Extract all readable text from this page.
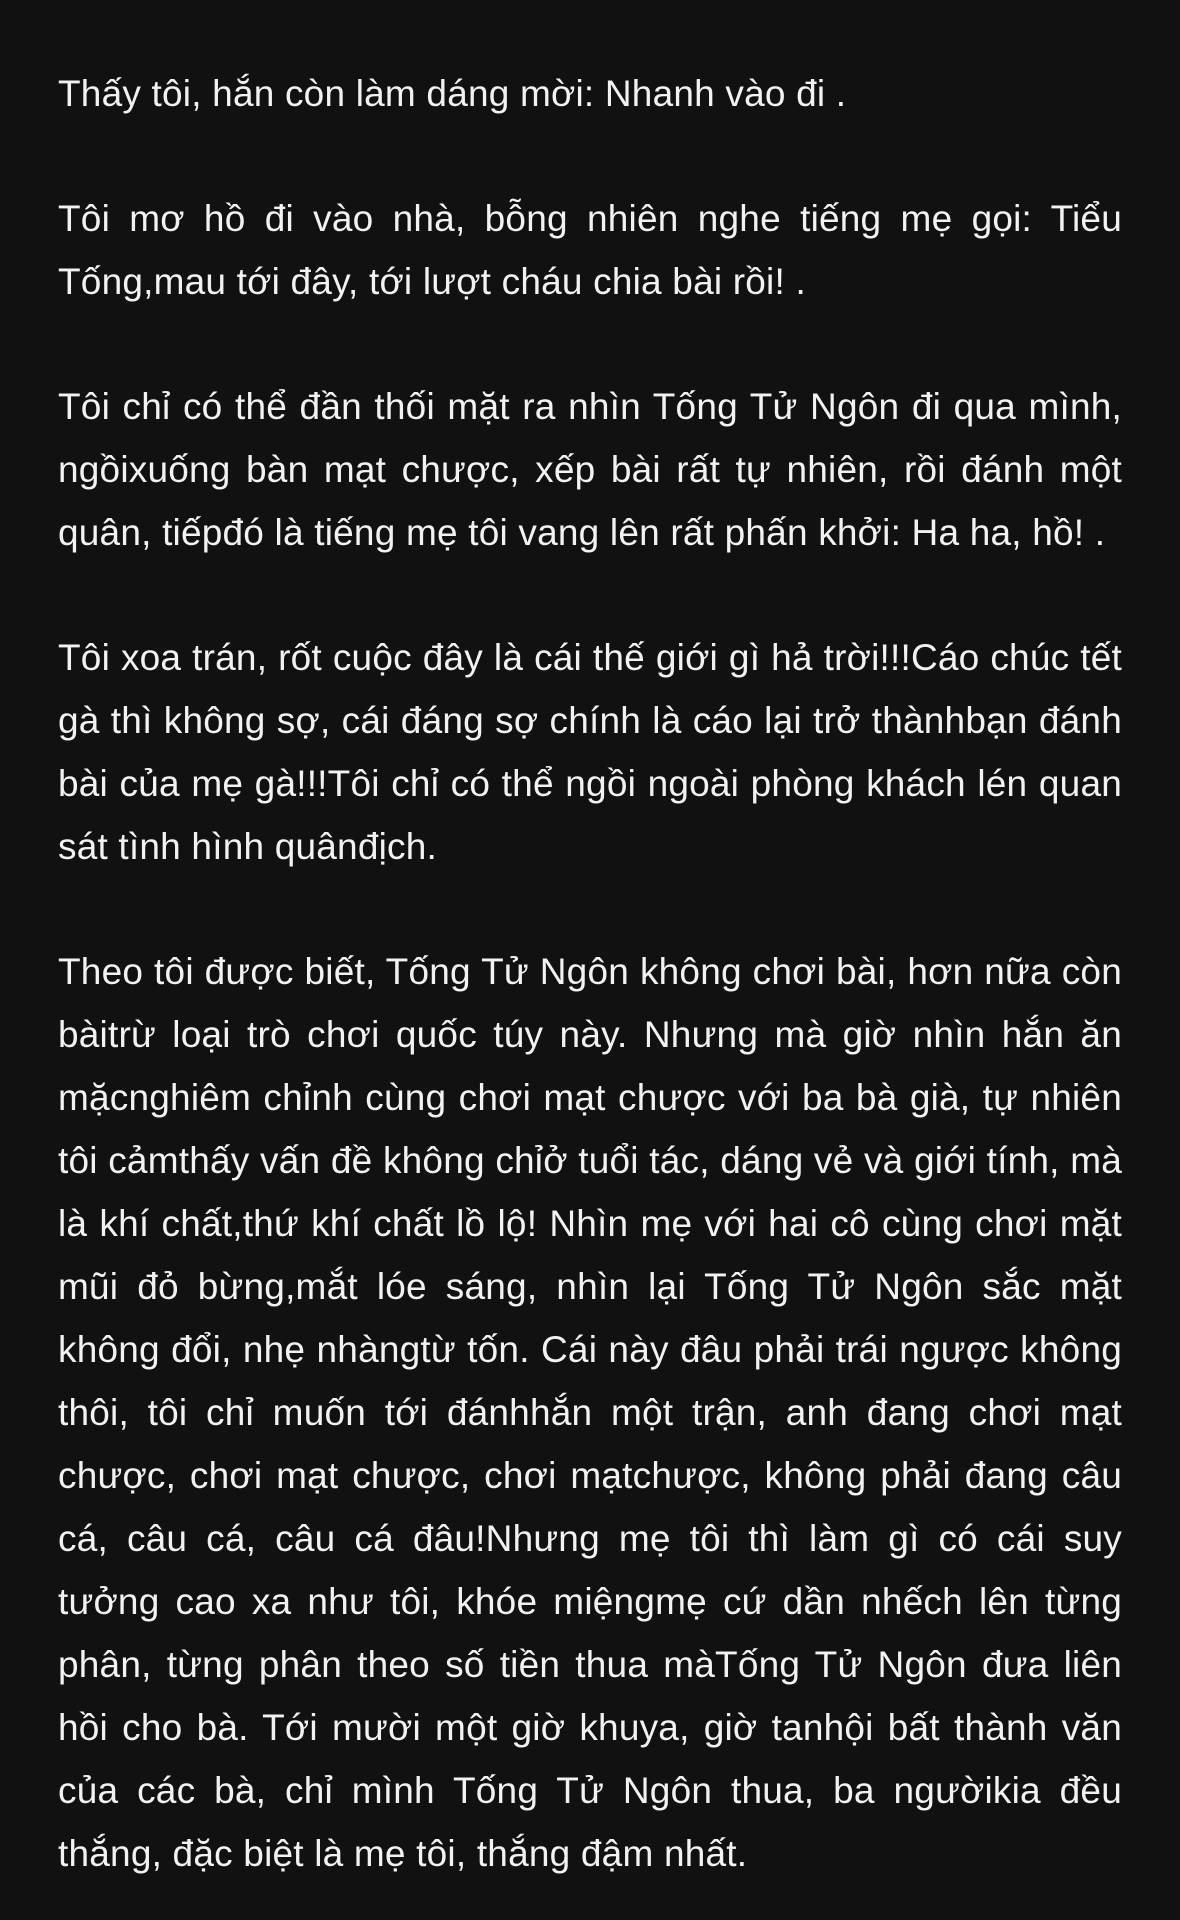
Thấy tôi, hắn còn làm dáng mời: Nhanh vào đi .

Tôi mơ hồ đi vào nhà, bỗng nhiên nghe tiếng mẹ gọi: Tiểu Tống,mau tới đây, tới lượt cháu chia bài rồi! .

Tôi chỉ có thể đần thối mặt ra nhìn Tống Tử Ngôn đi qua mình, ngồixuống bàn mạt chược, xếp bài rất tự nhiên, rồi đánh một quân, tiếpđó là tiếng mẹ tôi vang lên rất phấn khởi: Ha ha, hồ! .

Tôi xoa trán, rốt cuộc đây là cái thế giới gì hả trời!!!Cáo chúc tết gà thì không sợ, cái đáng sợ chính là cáo lại trở thànhbạn đánh bài của mẹ gà!!!Tôi chỉ có thể ngồi ngoài phòng khách lén quan sát tình hình quânđịch.

Theo tôi được biết, Tống Tử Ngôn không chơi bài, hơn nữa còn bàitrừ loại trò chơi quốc túy này. Nhưng mà giờ nhìn hắn ăn mặcnghiêm chỉnh cùng chơi mạt chược với ba bà già, tự nhiên tôi cảmthấy vấn đề không chỉở tuổi tác, dáng vẻ và giới tính, mà là khí chất,thứ khí chất lồ lộ! Nhìn mẹ với hai cô cùng chơi mặt mũi đỏ bừng,mắt lóe sáng, nhìn lại Tống Tử Ngôn sắc mặt không đổi, nhẹ nhàngtừ tốn. Cái này đâu phải trái ngược không thôi, tôi chỉ muốn tới đánhhắn một trận, anh đang chơi mạt chược, chơi mạt chược, chơi mạtchược, không phải đang câu cá, câu cá, câu cá đâu!Nhưng mẹ tôi thì làm gì có cái suy tưởng cao xa như tôi, khóe miệngmẹ cứ dần nhếch lên từng phân, từng phân theo số tiền thua màTống Tử Ngôn đưa liên hồi cho bà. Tới mười một giờ khuya, giờ tanhội bất thành văn của các bà, chỉ mình Tống Tử Ngôn thua, ba ngườikia đều thắng, đặc biệt là mẹ tôi, thắng đậm nhất.
